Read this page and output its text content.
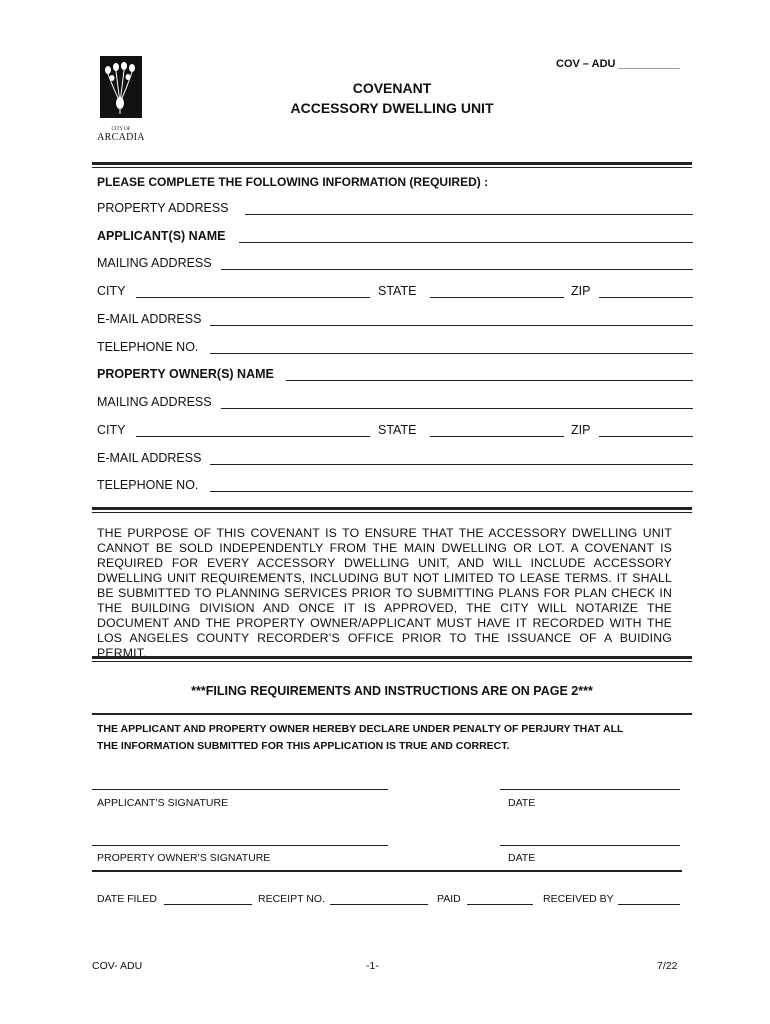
COV – ADU __________
CITY OF
ARCADIA
COVENANT
ACCESSORY DWELLING UNIT
PLEASE COMPLETE THE FOLLOWING INFORMATION (REQUIRED) :
PROPERTY ADDRESS
APPLICANT(S) NAME
MAILING ADDRESS
CITY	STATE	ZIP
E-MAIL ADDRESS
TELEPHONE NO.
PROPERTY OWNER(S) NAME
MAILING ADDRESS
CITY	STATE	ZIP
E-MAIL ADDRESS
TELEPHONE NO.
THE PURPOSE OF THIS COVENANT IS TO ENSURE THAT THE ACCESSORY DWELLING UNIT CANNOT BE SOLD INDEPENDENTLY FROM THE MAIN DWELLING OR LOT. A COVENANT IS REQUIRED FOR EVERY ACCESSORY DWELLING UNIT, AND WILL INCLUDE ACCESSORY DWELLING UNIT REQUIREMENTS, INCLUDING BUT NOT LIMITED TO LEASE TERMS. IT SHALL BE SUBMITTED TO PLANNING SERVICES PRIOR TO SUBMITTING PLANS FOR PLAN CHECK IN THE BUILDING DIVISION AND ONCE IT IS APPROVED, THE CITY WILL NOTARIZE THE DOCUMENT AND THE PROPERTY OWNER/APPLICANT MUST HAVE IT RECORDED WITH THE LOS ANGELES COUNTY RECORDER’S OFFICE PRIOR TO THE ISSUANCE OF A BUIDING PERMIT.
***FILING REQUIREMENTS AND INSTRUCTIONS ARE ON PAGE 2***
THE APPLICANT AND PROPERTY OWNER HEREBY DECLARE UNDER PENALTY OF PERJURY THAT ALL
THE INFORMATION SUBMITTED FOR THIS APPLICATION IS TRUE AND CORRECT.
APPLICANT’S SIGNATURE	DATE
PROPERTY OWNER’S SIGNATURE	DATE
DATE FILED	RECEIPT NO.	PAID	RECEIVED BY
COV- ADU	-1-	7/22
